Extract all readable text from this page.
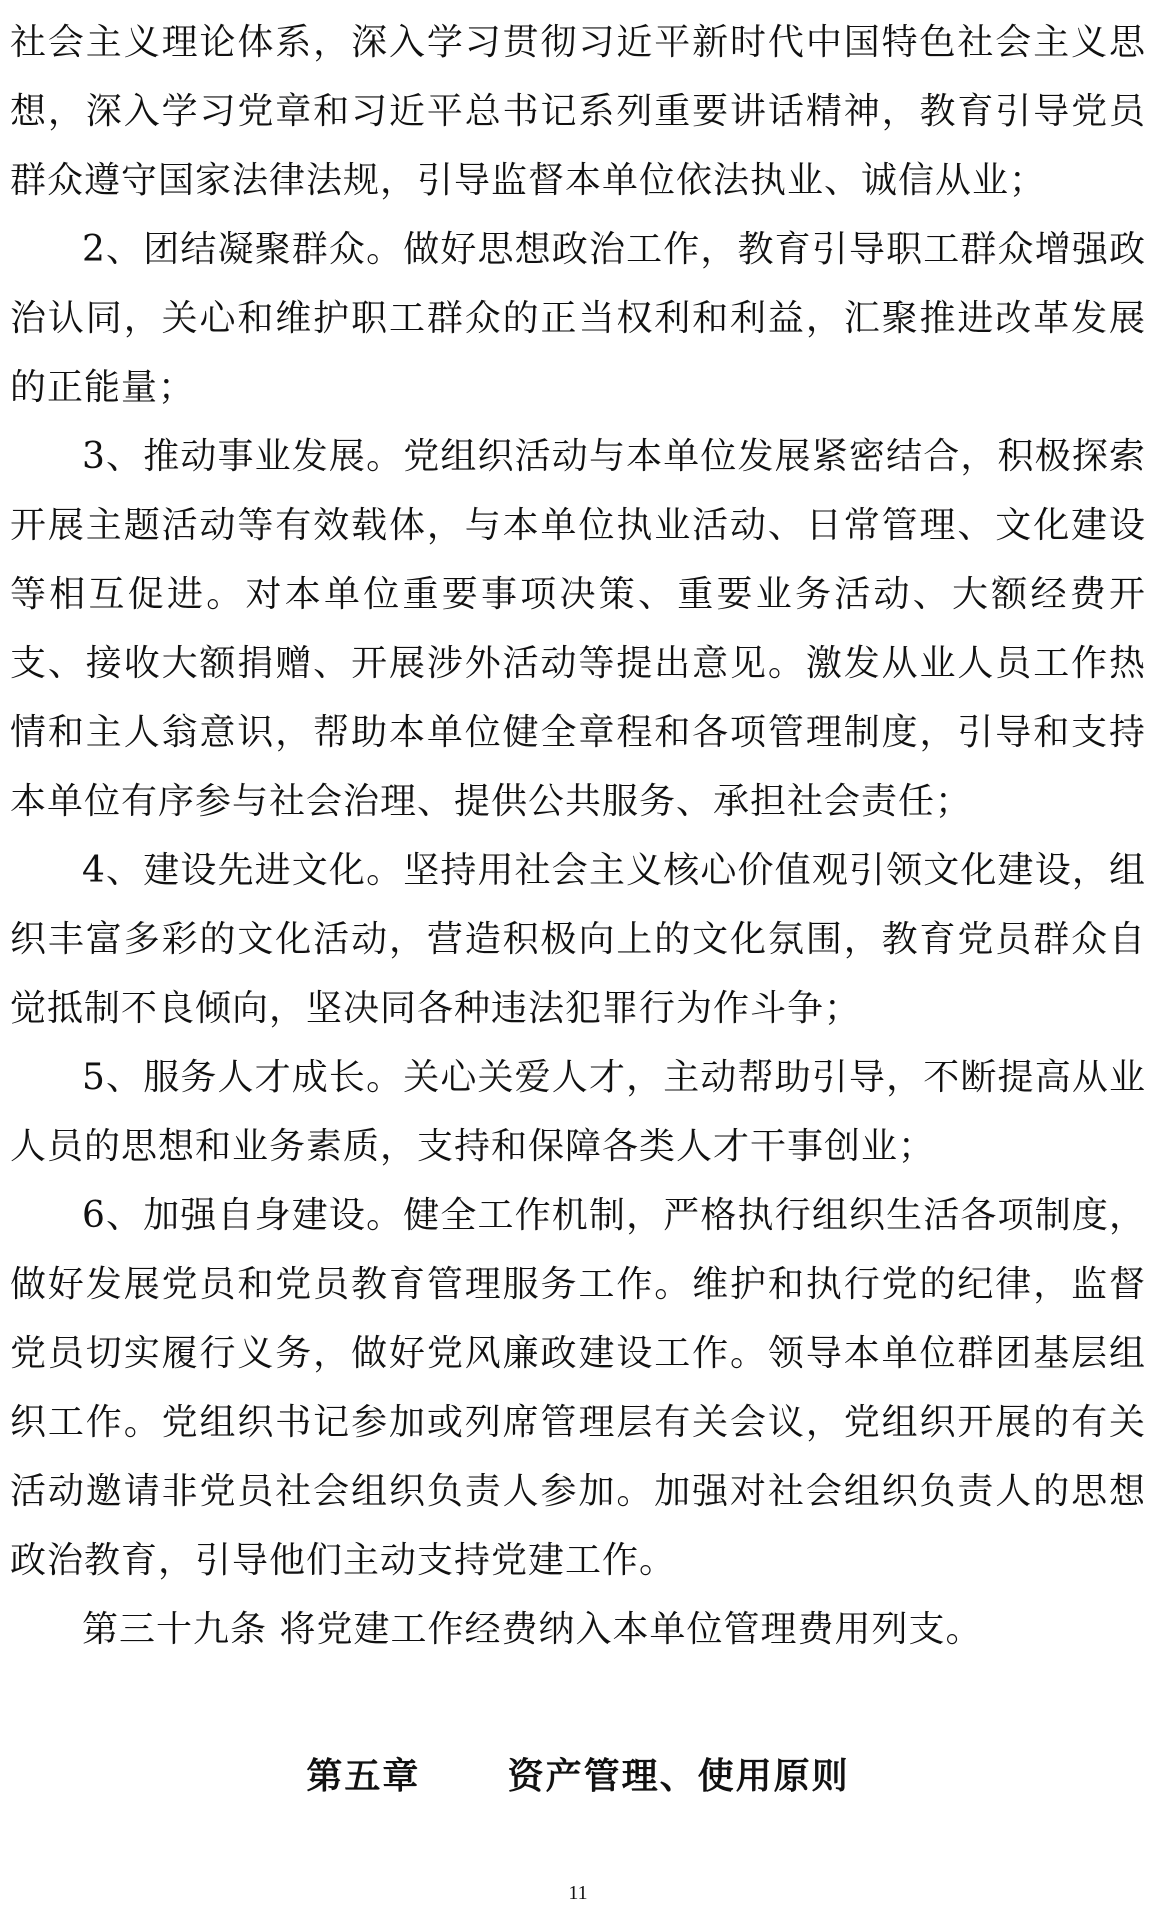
社会主义理论体系，深入学习贯彻习近平新时代中国特色社会主义思想，深入学习党章和习近平总书记系列重要讲话精神，教育引导党员群众遵守国家法律法规，引导监督本单位依法执业、诚信从业；

2、团结凝聚群众。做好思想政治工作，教育引导职工群众增强政治认同，关心和维护职工群众的正当权利和利益，汇聚推进改革发展的正能量；

3、推动事业发展。党组织活动与本单位发展紧密结合，积极探索开展主题活动等有效载体，与本单位执业活动、日常管理、文化建设等相互促进。对本单位重要事项决策、重要业务活动、大额经费开支、接收大额捐赠、开展涉外活动等提出意见。激发从业人员工作热情和主人翁意识，帮助本单位健全章程和各项管理制度，引导和支持本单位有序参与社会治理、提供公共服务、承担社会责任；

4、建设先进文化。坚持用社会主义核心价值观引领文化建设，组织丰富多彩的文化活动，营造积极向上的文化氛围，教育党员群众自觉抵制不良倾向，坚决同各种违法犯罪行为作斗争；

5、服务人才成长。关心关爱人才，主动帮助引导，不断提高从业人员的思想和业务素质，支持和保障各类人才干事创业；

6、加强自身建设。健全工作机制，严格执行组织生活各项制度，做好发展党员和党员教育管理服务工作。维护和执行党的纪律，监督党员切实履行义务，做好党风廉政建设工作。领导本单位群团基层组织工作。党组织书记参加或列席管理层有关会议，党组织开展的有关活动邀请非党员社会组织负责人参加。加强对社会组织负责人的思想政治教育，引导他们主动支持党建工作。

第三十九条 将党建工作经费纳入本单位管理费用列支。

第五章      资产管理、使用原则
11
